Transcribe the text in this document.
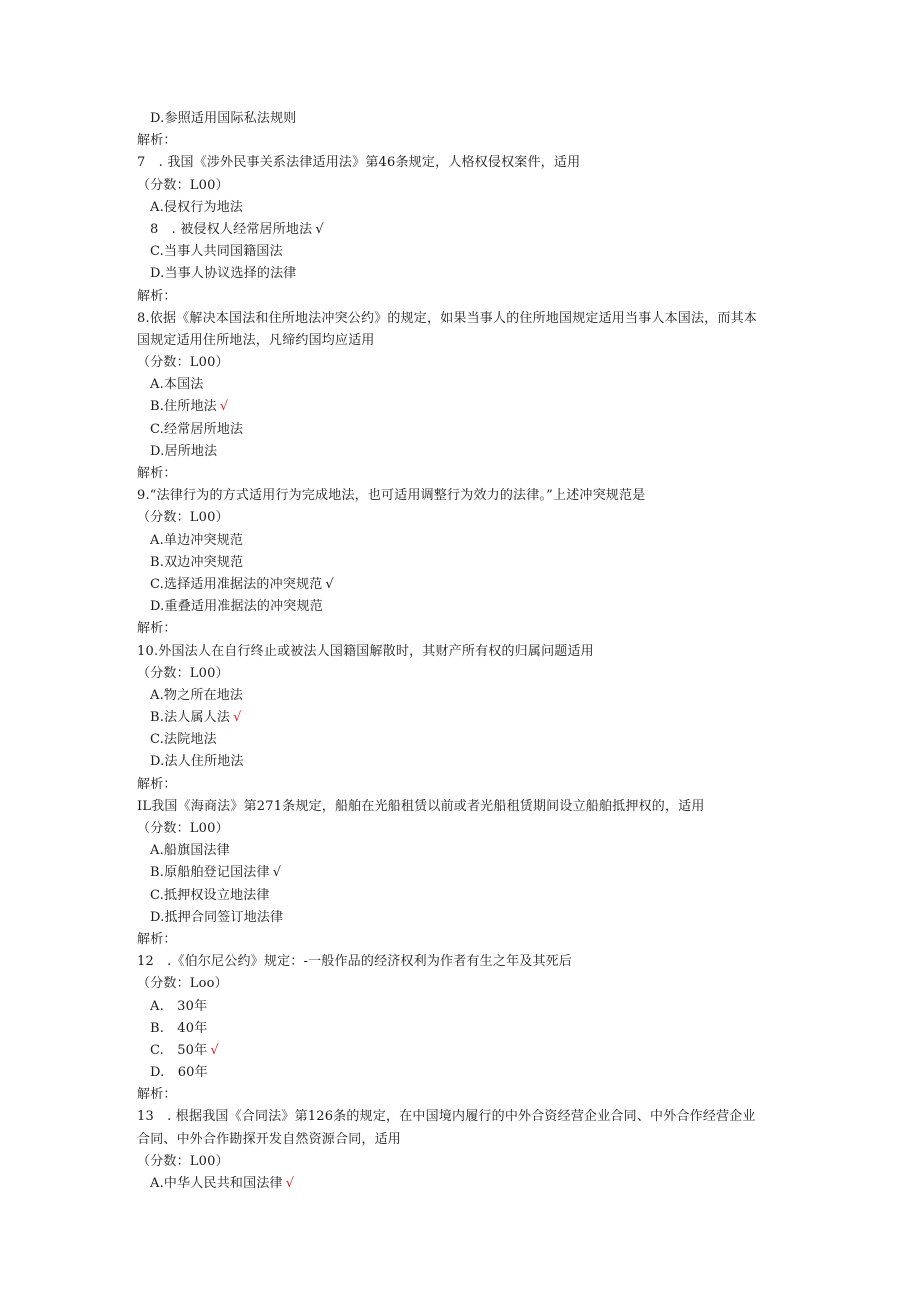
D.参照适用国际私法规则
解析：
7　. 我国《涉外民事关系法律适用法》第46条规定，人格权侵权案件，适用
（分数：L00）
A.侵权行为地法
8　. 被侵权人经常居所地法 √
C.当事人共同国籍国法
D.当事人协议选择的法律
解析：
8.依据《解决本国法和住所地法冲突公约》的规定，如果当事人的住所地国规定适用当事人本国法，而其本
国规定适用住所地法，凡缔约国均应适用
（分数：L00）
A.本国法
B.住所地法 √
C.经常居所地法
D.居所地法
解析：
9.“法律行为的方式适用行为完成地法，也可适用调整行为效力的法律。”上述冲突规范是
（分数：L00）
A.单边冲突规范
B.双边冲突规范
C.选择适用准据法的冲突规范 √
D.重叠适用准据法的冲突规范
解析：
10.外国法人在自行终止或被法人国籍国解散时，其财产所有权的归属问题适用
（分数：L00）
A.物之所在地法
B.法人属人法 √
C.法院地法
D.法人住所地法
解析：
IL我国《海商法》第271条规定，船舶在光船租赁以前或者光船租赁期间设立船舶抵押权的，适用
（分数：L00）
A.船旗国法律
B.原船舶登记国法律 √
C.抵押权设立地法律
D.抵押合同签订地法律
解析：
12　.《伯尔尼公约》规定：-一般作品的经济权利为作者有生之年及其死后
（分数：Loo）
A.　30年
B.　40年
C.　50年 √
D.　60年
解析：
13　. 根据我国《合同法》第126条的规定，在中国境内履行的中外合资经营企业合同、中外合作经营企业
合同、中外合作勘探开发自然资源合同，适用
（分数：L00）
A.中华人民共和国法律 √
